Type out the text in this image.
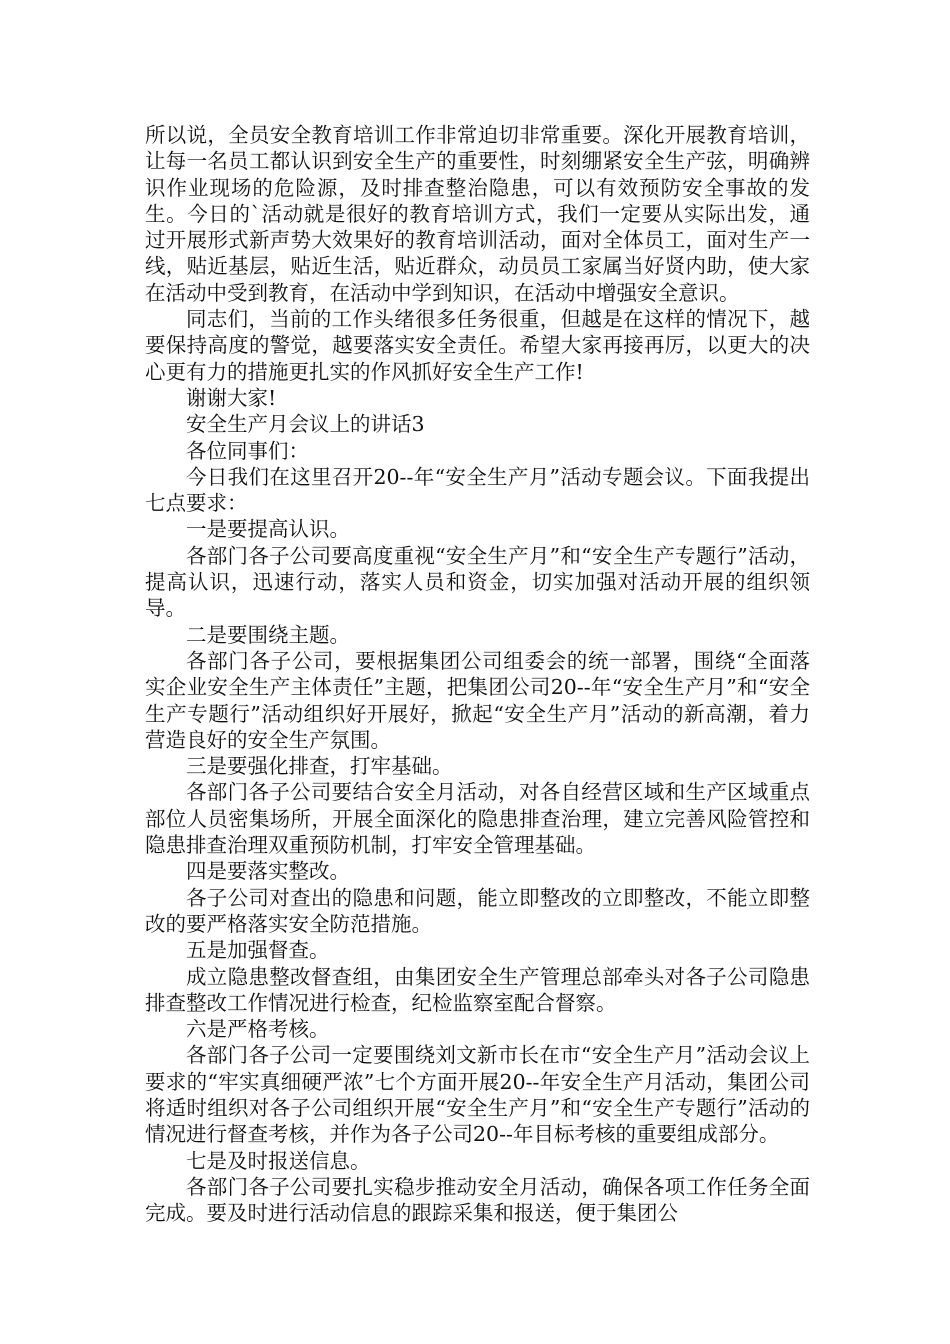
所以说，全员安全教育培训工作非常迫切非常重要。深化开展教育培训，让每一名员工都认识到安全生产的重要性，时刻绷紧安全生产弦，明确辨识作业现场的危险源，及时排查整治隐患，可以有效预防安全事故的发生。今日的`活动就是很好的教育培训方式，我们一定要从实际出发，通过开展形式新声势大效果好的教育培训活动，面对全体员工，面对生产一线，贴近基层，贴近生活，贴近群众，动员员工家属当好贤内助，使大家在活动中受到教育，在活动中学到知识，在活动中增强安全意识。

同志们，当前的工作头绪很多任务很重，但越是在这样的情况下，越要保持高度的警觉，越要落实安全责任。希望大家再接再厉，以更大的决心更有力的措施更扎实的作风抓好安全生产工作!

谢谢大家!

安全生产月会议上的讲话3

各位同事们：

今日我们在这里召开20--年“安全生产月”活动专题会议。下面我提出七点要求：

一是要提高认识。

各部门各子公司要高度重视“安全生产月”和“安全生产专题行”活动，提高认识，迅速行动，落实人员和资金，切实加强对活动开展的组织领导。

二是要围绕主题。

各部门各子公司，要根据集团公司组委会的统一部署，围绕“全面落实企业安全生产主体责任”主题，把集团公司20--年“安全生产月”和“安全生产专题行”活动组织好开展好，掀起“安全生产月”活动的新高潮，着力营造良好的安全生产氛围。

三是要强化排查，打牢基础。

各部门各子公司要结合安全月活动，对各自经营区域和生产区域重点部位人员密集场所，开展全面深化的隐患排查治理，建立完善风险管控和隐患排查治理双重预防机制，打牢安全管理基础。

四是要落实整改。

各子公司对查出的隐患和问题，能立即整改的立即整改，不能立即整改的要严格落实安全防范措施。

五是加强督查。

成立隐患整改督查组，由集团安全生产管理总部牵头对各子公司隐患排查整改工作情况进行检查，纪检监察室配合督察。

六是严格考核。

各部门各子公司一定要围绕刘文新市长在市“安全生产月”活动会议上要求的“牢实真细硬严浓”七个方面开展20--年安全生产月活动，集团公司将适时组织对各子公司组织开展“安全生产月”和“安全生产专题行”活动的情况进行督查考核，并作为各子公司20--年目标考核的重要组成部分。

七是及时报送信息。

各部门各子公司要扎实稳步推动安全月活动，确保各项工作任务全面完成。要及时进行活动信息的跟踪采集和报送，便于集团公
